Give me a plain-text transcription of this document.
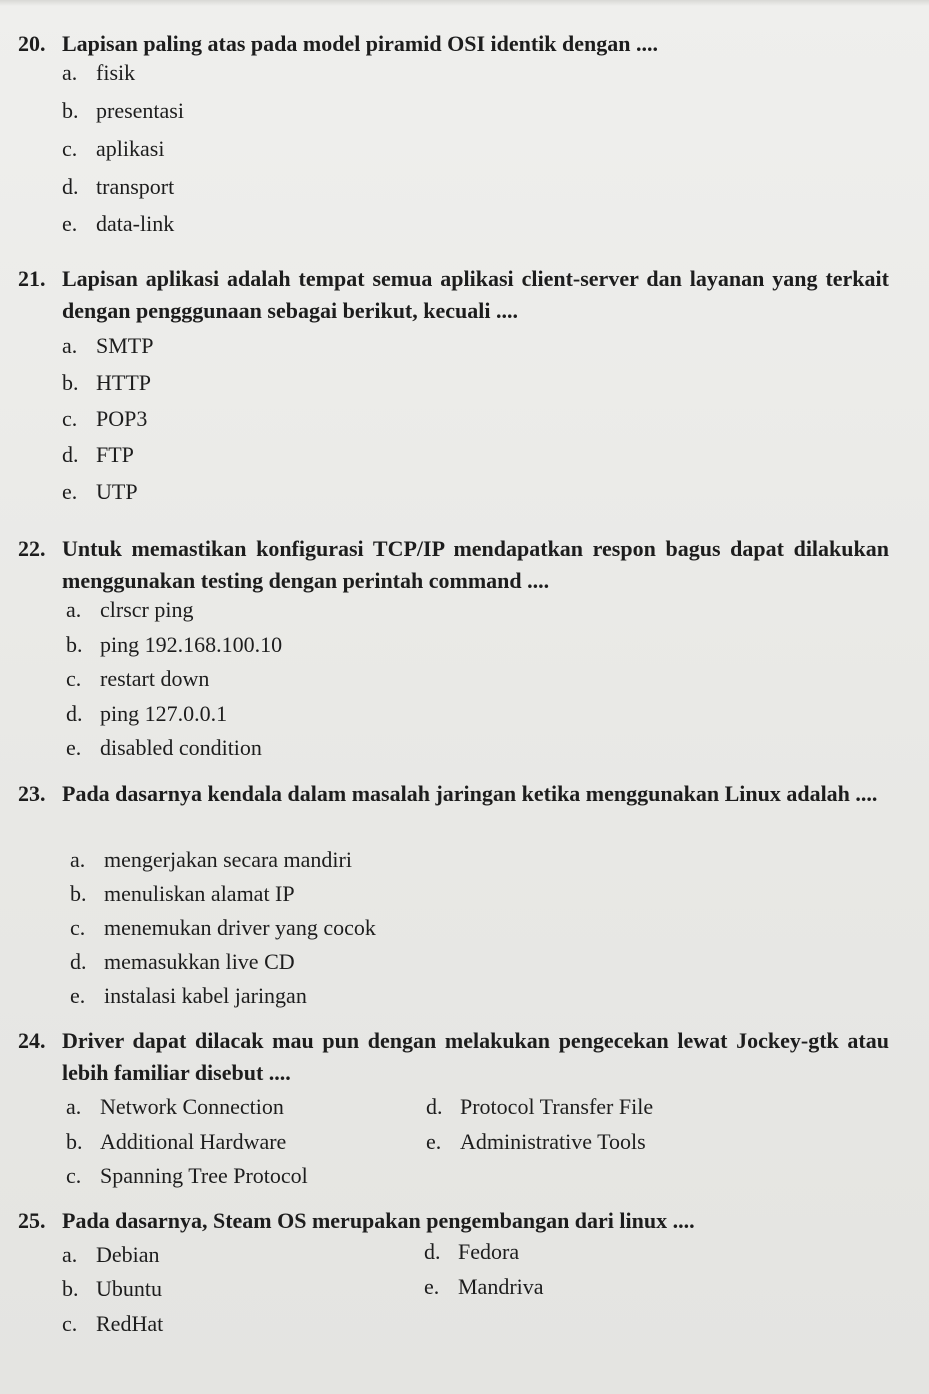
20. Lapisan paling atas pada model piramid OSI identik dengan ....
a. fisik
b. presentasi
c. aplikasi
d. transport
e. data-link
21. Lapisan aplikasi adalah tempat semua aplikasi client-server dan layanan yang terkait dengan pengggunaan sebagai berikut, kecuali ....
a. SMTP
b. HTTP
c. POP3
d. FTP
e. UTP
22. Untuk memastikan konfigurasi TCP/IP mendapatkan respon bagus dapat dilakukan menggunakan testing dengan perintah command ....
a. clrscr ping
b. ping 192.168.100.10
c. restart down
d. ping 127.0.0.1
e. disabled condition
23. Pada dasarnya kendala dalam masalah jaringan ketika menggunakan Linux adalah ....
a. mengerjakan secara mandiri
b. menuliskan alamat IP
c. menemukan driver yang cocok
d. memasukkan live CD
e. instalasi kabel jaringan
24. Driver dapat dilacak mau pun dengan melakukan pengecekan lewat Jockey-gtk atau lebih familiar disebut ....
a. Network Connection
b. Additional Hardware
c. Spanning Tree Protocol
d. Protocol Transfer File
e. Administrative Tools
25. Pada dasarnya, Steam OS merupakan pengembangan dari linux ....
a. Debian
b. Ubuntu
c. RedHat
d. Fedora
e. Mandriva
